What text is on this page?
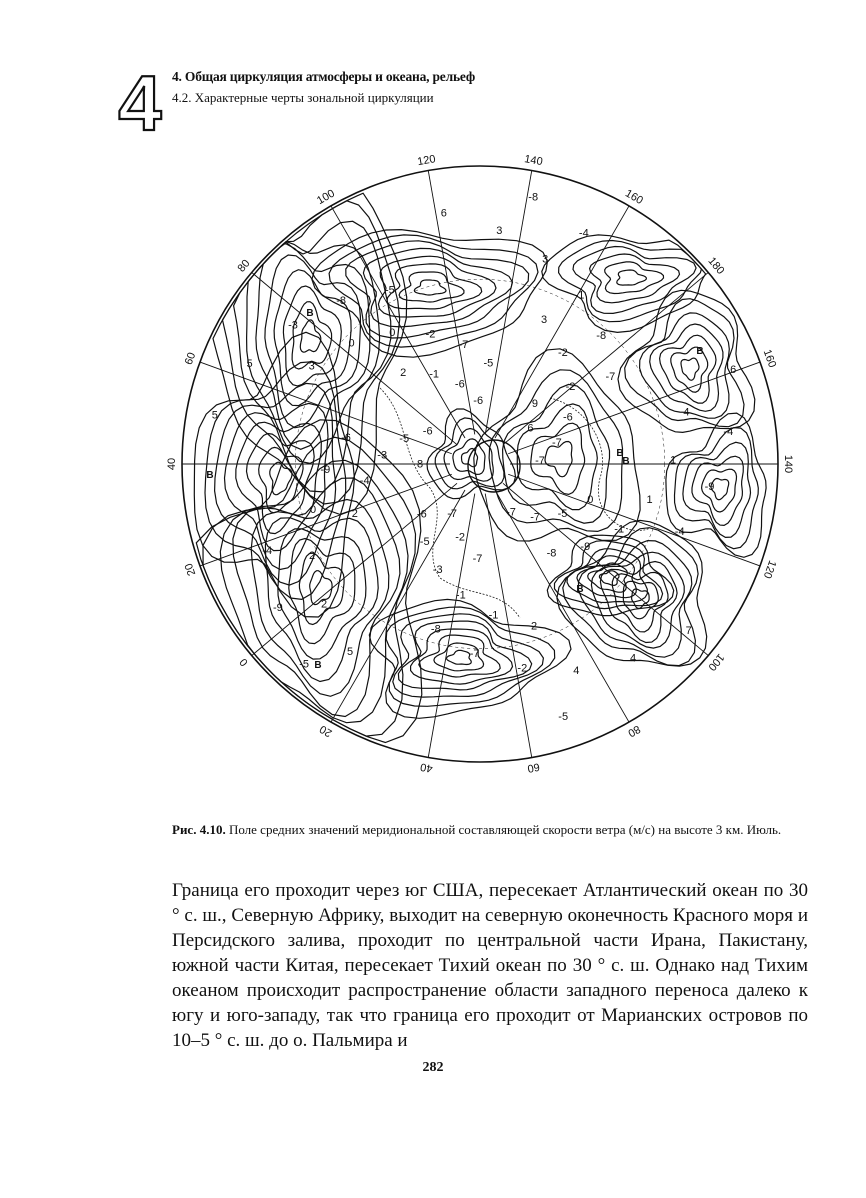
4 4. Общая циркуляция атмосферы и океана, рельеф
4.2. Характерные черты зональной циркуляции
120	140
160
180
160
140
120
100
80
60
40
20
0
20
40
60
80
100
-7
-6
-5
-8
-6
-7
-8
-5
-4
-4
-4
-5
-6
-7
-5
-7
-9
-9
-8
-7
-8
-9
-9
-8
-7
-5
-6
-3
-2
-1
0
-1
-2
-3
-4
-5
-6
-7
-3
-2
-1
0
1
2
3
4
5
6
-7
-6
-5
-4
-2
-1
0
1
2
3
4
5
6
-2
-1
0
2
3
2
3
4
5
6
7
8
9
-7
2
В
В
В
В
В
В
В
Рис. 4.10. Поле средних значений меридиональной составляющей скорости ветра (м/с) на высоте 3 км. Июль.
Граница его проходит через юг США, пересекает Атлантический океан по 30 ° с. ш., Северную Африку, выходит на северную оконечность Красного моря и Персидского залива, проходит по центральной части Ирана, Пакистану, южной части Китая, пересекает Тихий океан по 30 ° с. ш. Однако над Тихим океаном происходит распространение области западного переноса далеко к югу и юго-западу, так что граница его проходит от Марианских островов по 10–5 ° с. ш. до о. Пальмира и
282
